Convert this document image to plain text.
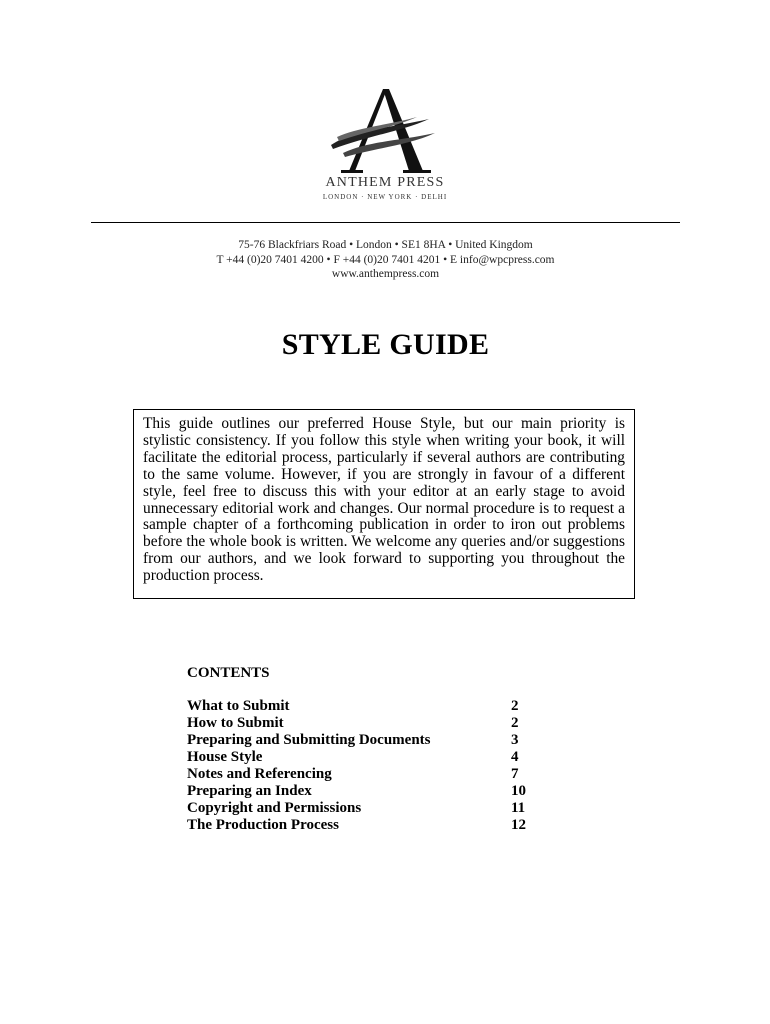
ANTHEM PRESS
LONDON · NEW YORK · DELHI
75-76 Blackfriars Road • London • SE1 8HA • United Kingdom
T +44 (0)20 7401 4200 • F +44 (0)20 7401 4201 • E info@wpcpress.com
www.anthempress.com
STYLE GUIDE
This guide outlines our preferred House Style, but our main priority is stylistic consistency. If you follow this style when writing your book, it will facilitate the editorial process, particularly if several authors are contributing to the same volume. However, if you are strongly in favour of a different style, feel free to discuss this with your editor at an early stage to avoid unnecessary editorial work and changes. Our normal procedure is to request a sample chapter of a forthcoming publication in order to iron out problems before the whole book is written. We welcome any queries and/or suggestions from our authors, and we look forward to supporting you throughout the production process.
CONTENTS
What to Submit	2
How to Submit	2
Preparing and Submitting Documents	3
House Style	4
Notes and Referencing	7
Preparing an Index	10
Copyright and Permissions	11
The Production Process	12
